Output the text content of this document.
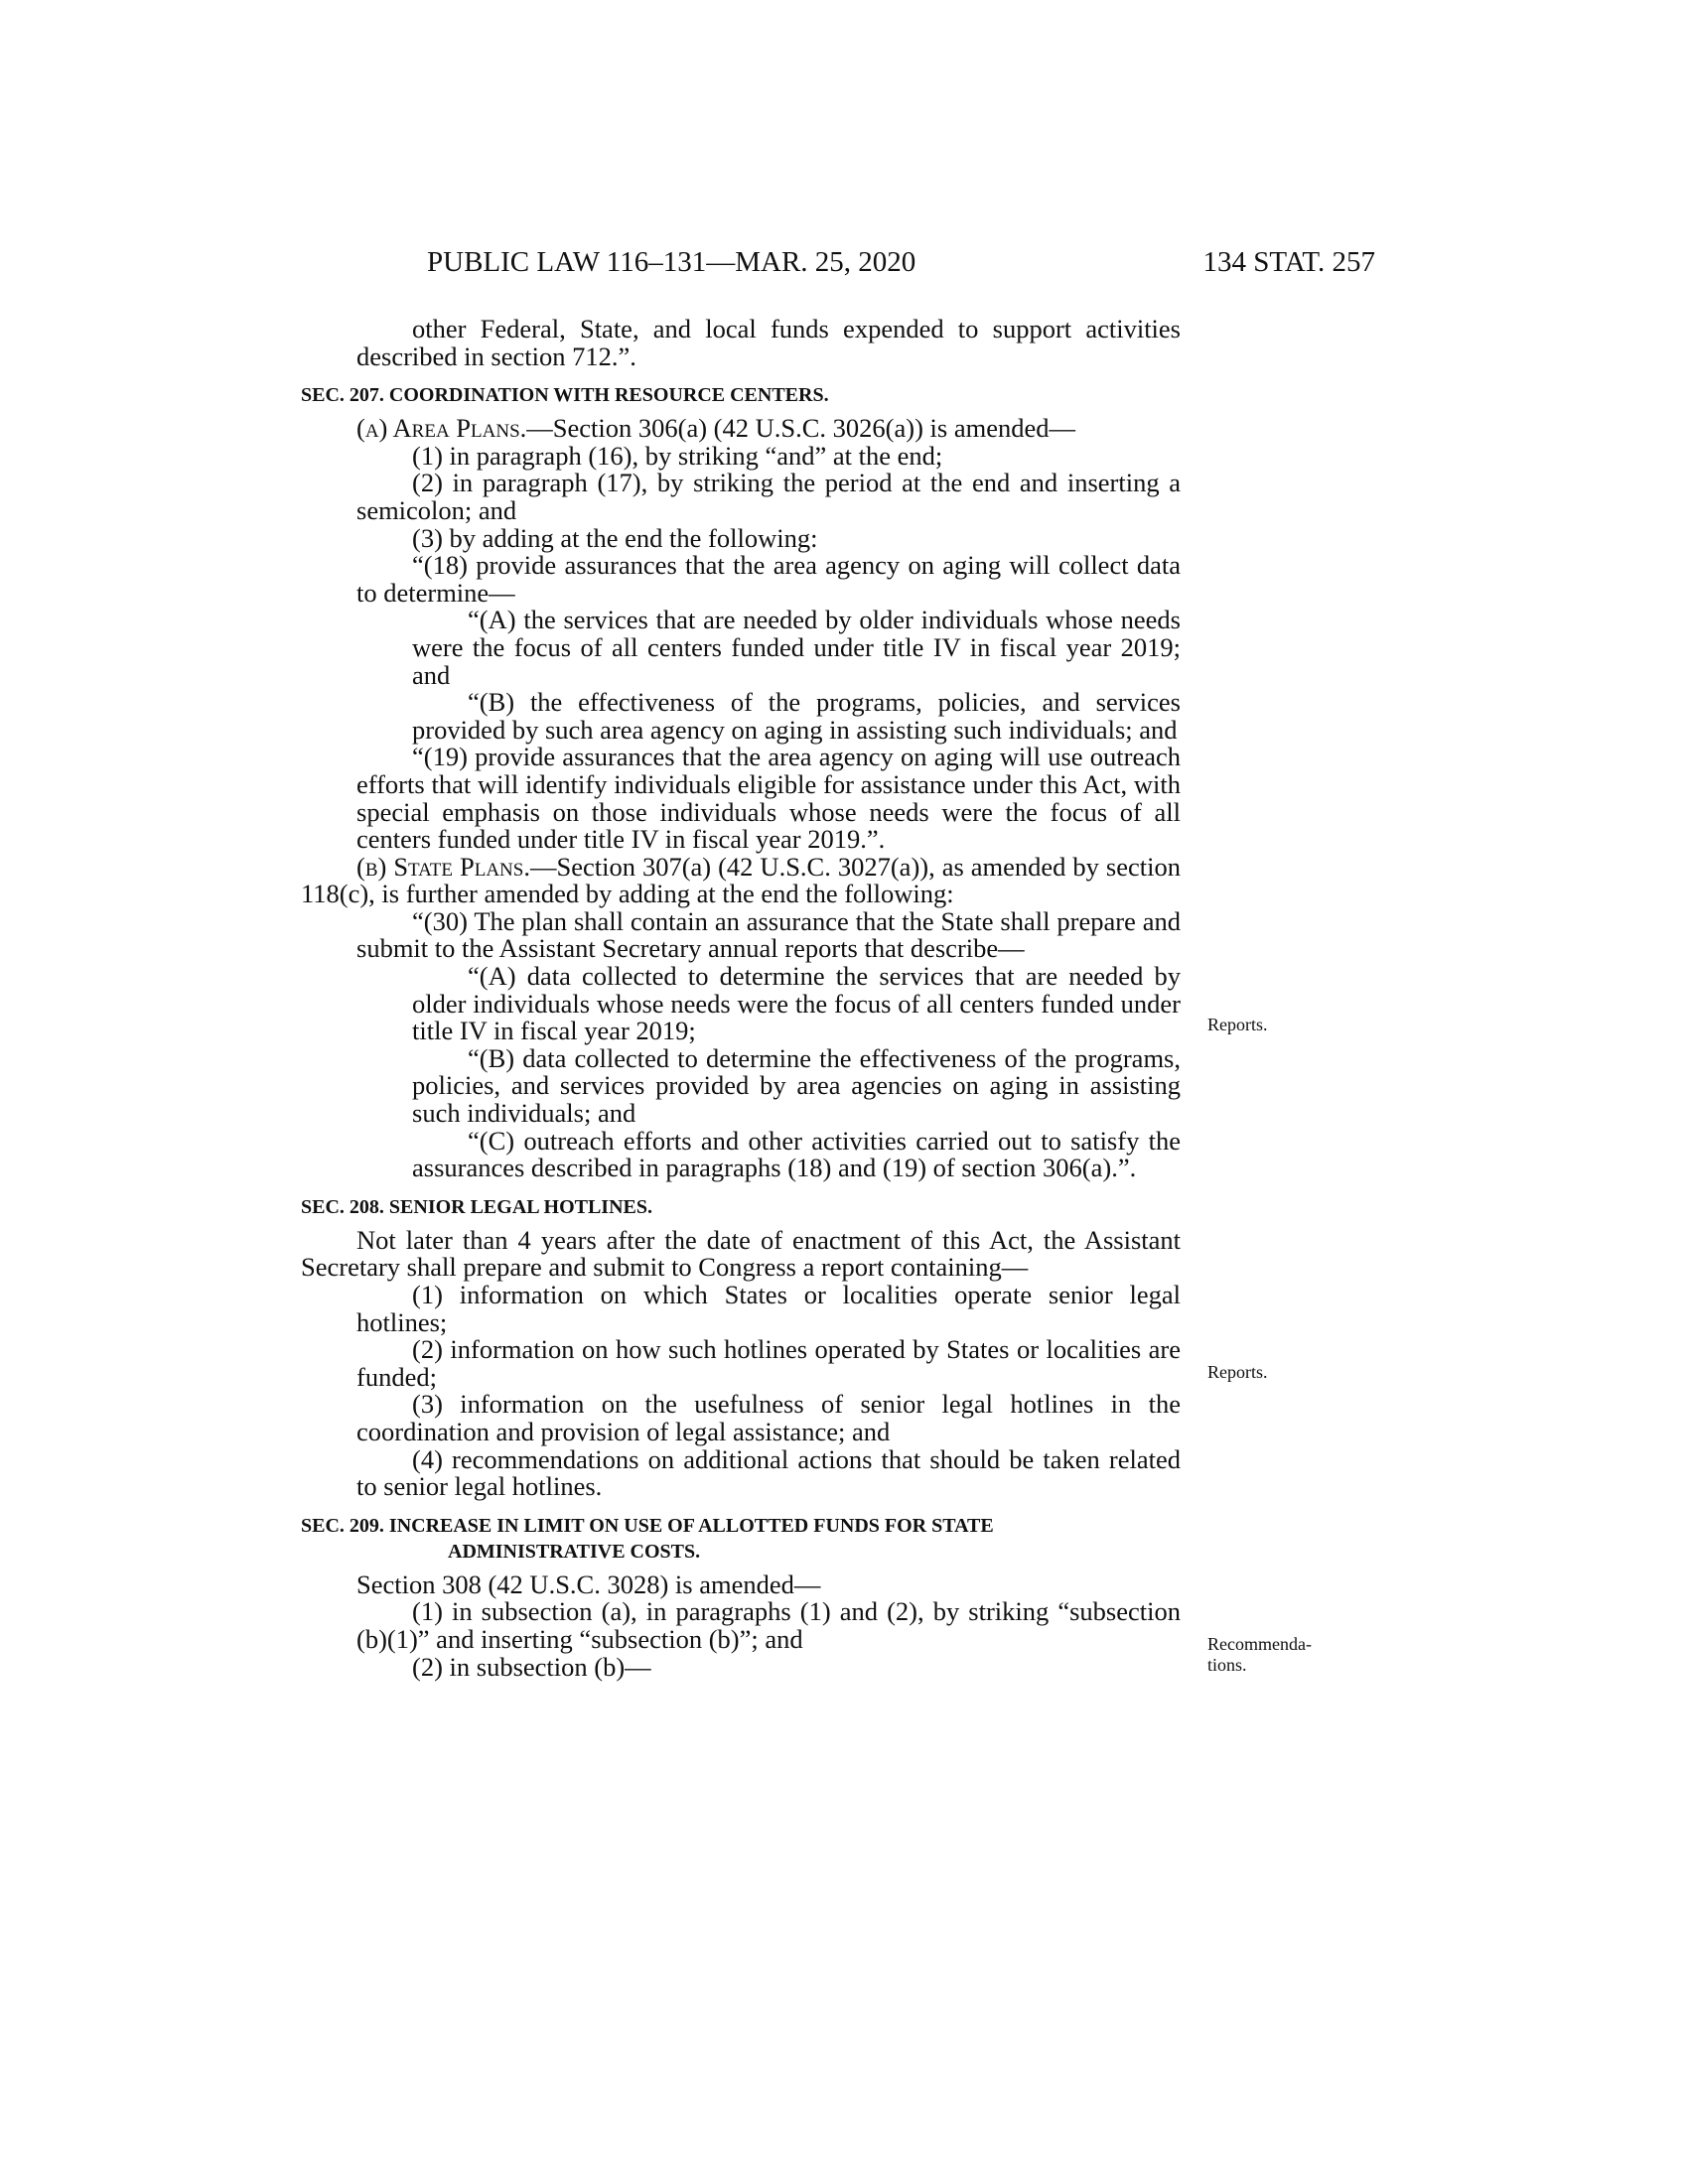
PUBLIC LAW 116–131—MAR. 25, 2020	134 STAT. 257

other Federal, State, and local funds expended to support activities described in section 712.”.

SEC. 207. COORDINATION WITH RESOURCE CENTERS.

(a) Area Plans.—Section 306(a) (42 U.S.C. 3026(a)) is amended—

(1) in paragraph (16), by striking “and” at the end;

(2) in paragraph (17), by striking the period at the end and inserting a semicolon; and

(3) by adding at the end the following:

“(18) provide assurances that the area agency on aging will collect data to determine—

“(A) the services that are needed by older individuals whose needs were the focus of all centers funded under title IV in fiscal year 2019; and

“(B) the effectiveness of the programs, policies, and services provided by such area agency on aging in assisting such individuals; and

“(19) provide assurances that the area agency on aging will use outreach efforts that will identify individuals eligible for assistance under this Act, with special emphasis on those individuals whose needs were the focus of all centers funded under title IV in fiscal year 2019.”.

(b) State Plans.—Section 307(a) (42 U.S.C. 3027(a)), as amended by section 118(c), is further amended by adding at the end the following:

“(30) The plan shall contain an assurance that the State shall prepare and submit to the Assistant Secretary annual reports that describe—

“(A) data collected to determine the services that are needed by older individuals whose needs were the focus of all centers funded under title IV in fiscal year 2019;

“(B) data collected to determine the effectiveness of the programs, policies, and services provided by area agencies on aging in assisting such individuals; and

“(C) outreach efforts and other activities carried out to satisfy the assurances described in paragraphs (18) and (19) of section 306(a).”.

SEC. 208. SENIOR LEGAL HOTLINES.

Not later than 4 years after the date of enactment of this Act, the Assistant Secretary shall prepare and submit to Congress a report containing—

(1) information on which States or localities operate senior legal hotlines;

(2) information on how such hotlines operated by States or localities are funded;

(3) information on the usefulness of senior legal hotlines in the coordination and provision of legal assistance; and

(4) recommendations on additional actions that should be taken related to senior legal hotlines.

SEC. 209. INCREASE IN LIMIT ON USE OF ALLOTTED FUNDS FOR STATE
ADMINISTRATIVE COSTS.

Section 308 (42 U.S.C. 3028) is amended—

(1) in subsection (a), in paragraphs (1) and (2), by striking “subsection (b)(1)” and inserting “subsection (b)”; and

(2) in subsection (b)—

Reports.
Reports.
Recommenda-
tions.
